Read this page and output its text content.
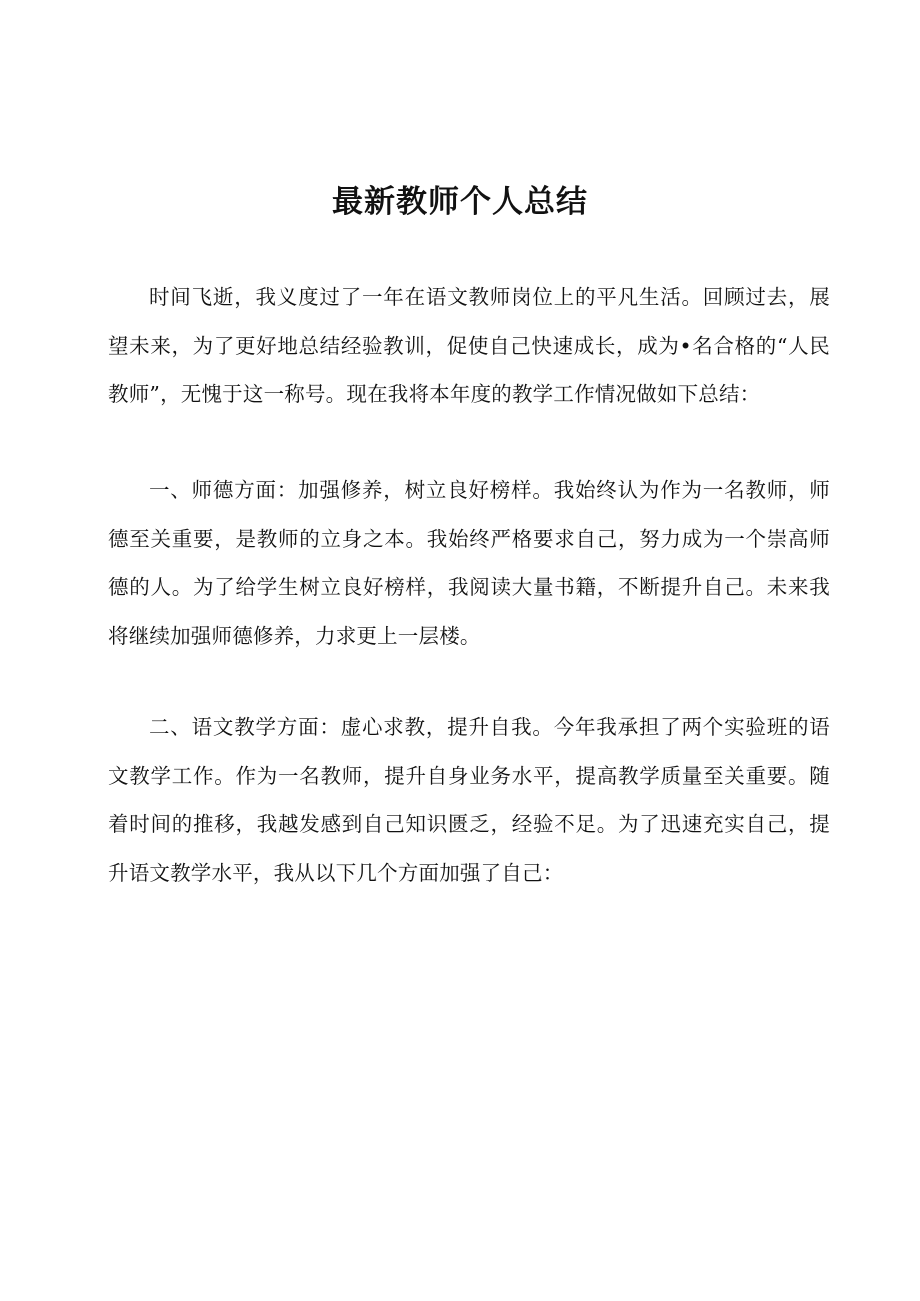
最新教师个人总结

时间飞逝，我义度过了一年在语文教师岗位上的平凡生活。回顾过去，展望未来，为了更好地总结经验教训，促使自己快速成长，成为•名合格的“人民教师”，无愧于这一称号。现在我将本年度的教学工作情况做如下总结：

一、师德方面：加强修养，树立良好榜样。我始终认为作为一名教师，师德至关重要，是教师的立身之本。我始终严格要求自己，努力成为一个崇高师德的人。为了给学生树立良好榜样，我阅读大量书籍，不断提升自己。未来我将继续加强师德修养，力求更上一层楼。

二、语文教学方面：虚心求教，提升自我。今年我承担了两个实验班的语文教学工作。作为一名教师，提升自身业务水平，提高教学质量至关重要。随着时间的推移，我越发感到自己知识匮乏，经验不足。为了迅速充实自己，提升语文教学水平，我从以下几个方面加强了自己：
